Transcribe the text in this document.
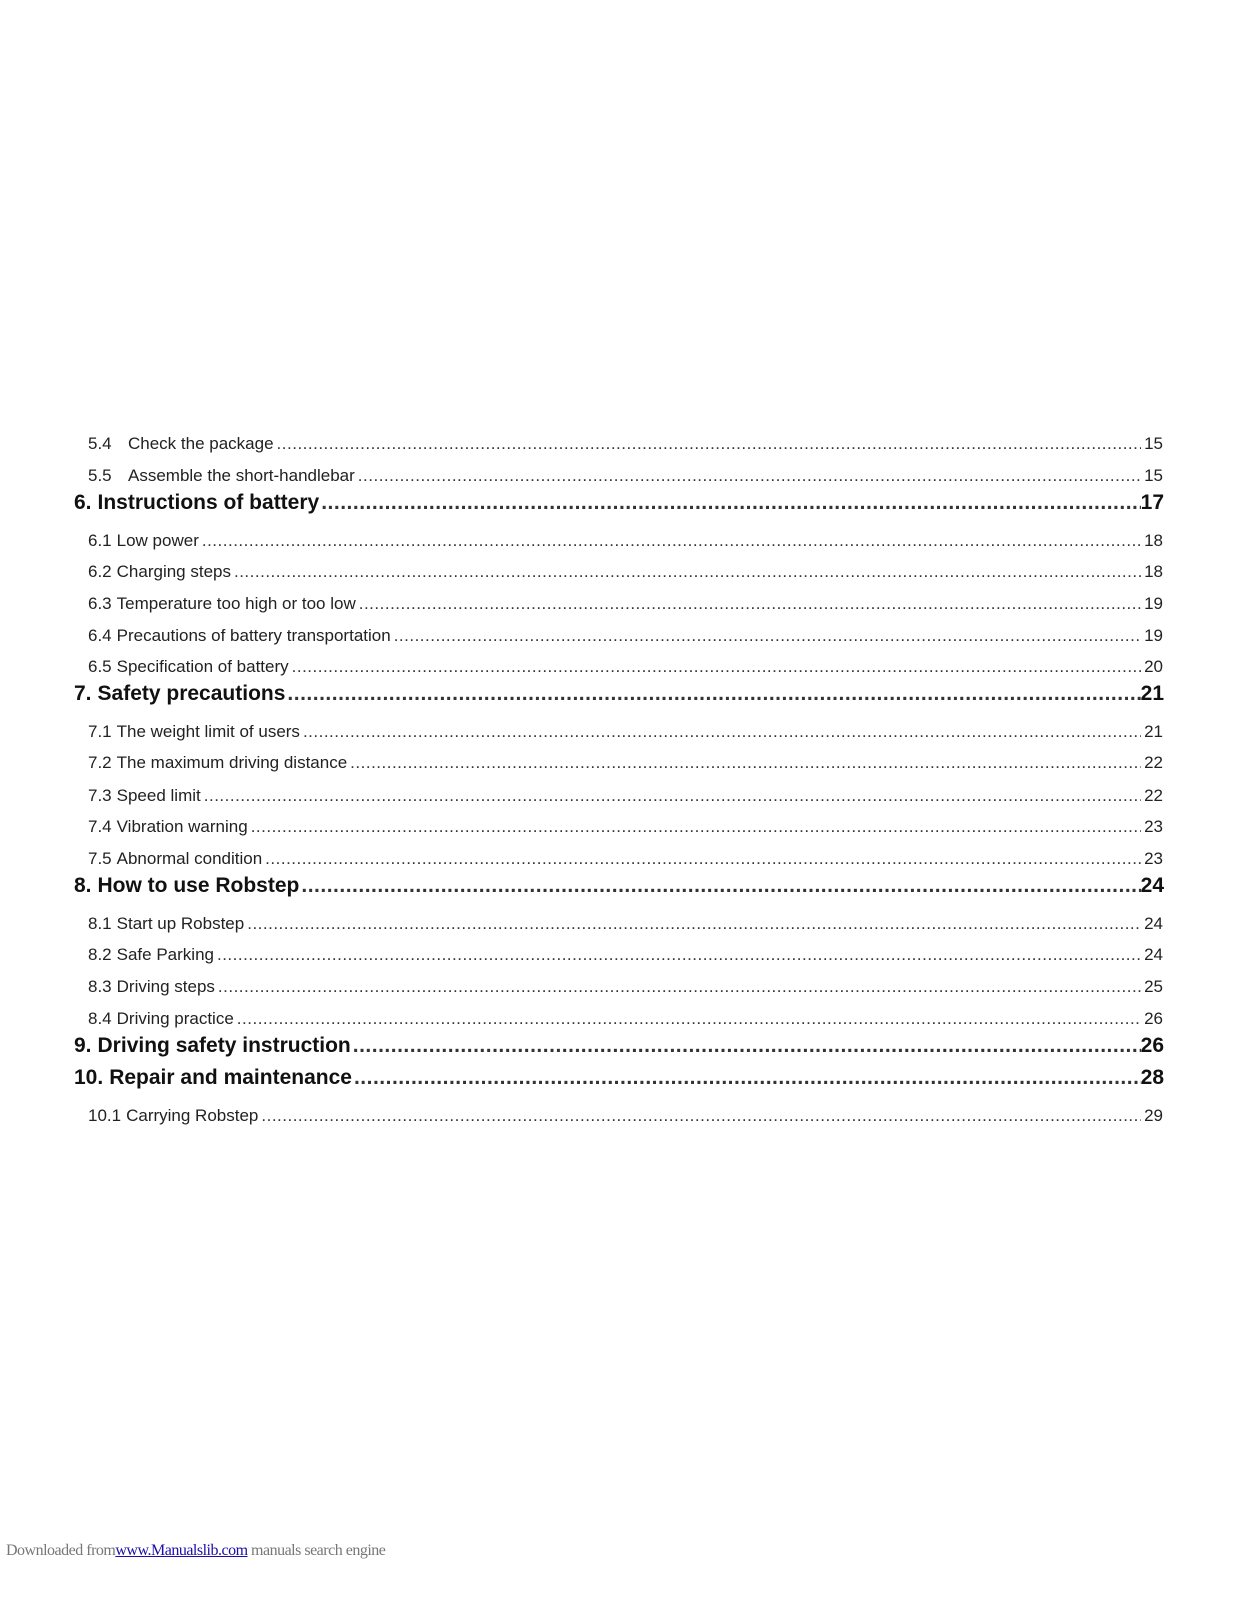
5.4 Check the package .....	15
5.5 Assemble the short-handlebar .....	15
6. Instructions of battery .....	17
6.1 Low power .....	18
6.2 Charging steps .....	18
6.3 Temperature too high or too low .....	19
6.4 Precautions of battery transportation .....	19
6.5 Specification of battery .....	20
7. Safety precautions .....	21
7.1 The weight limit of users .....	21
7.2 The maximum driving distance .....	22
7.3 Speed limit .....	22
7.4 Vibration warning .....	23
7.5 Abnormal condition .....	23
8. How to use Robstep .....	24
8.1 Start up Robstep .....	24
8.2 Safe Parking .....	24
8.3 Driving steps .....	25
8.4 Driving practice .....	26
9. Driving safety instruction .....	26
10. Repair and maintenance .....	28
10.1 Carrying Robstep .....	29
Downloaded fromwww.Manualslib.com manuals search engine
